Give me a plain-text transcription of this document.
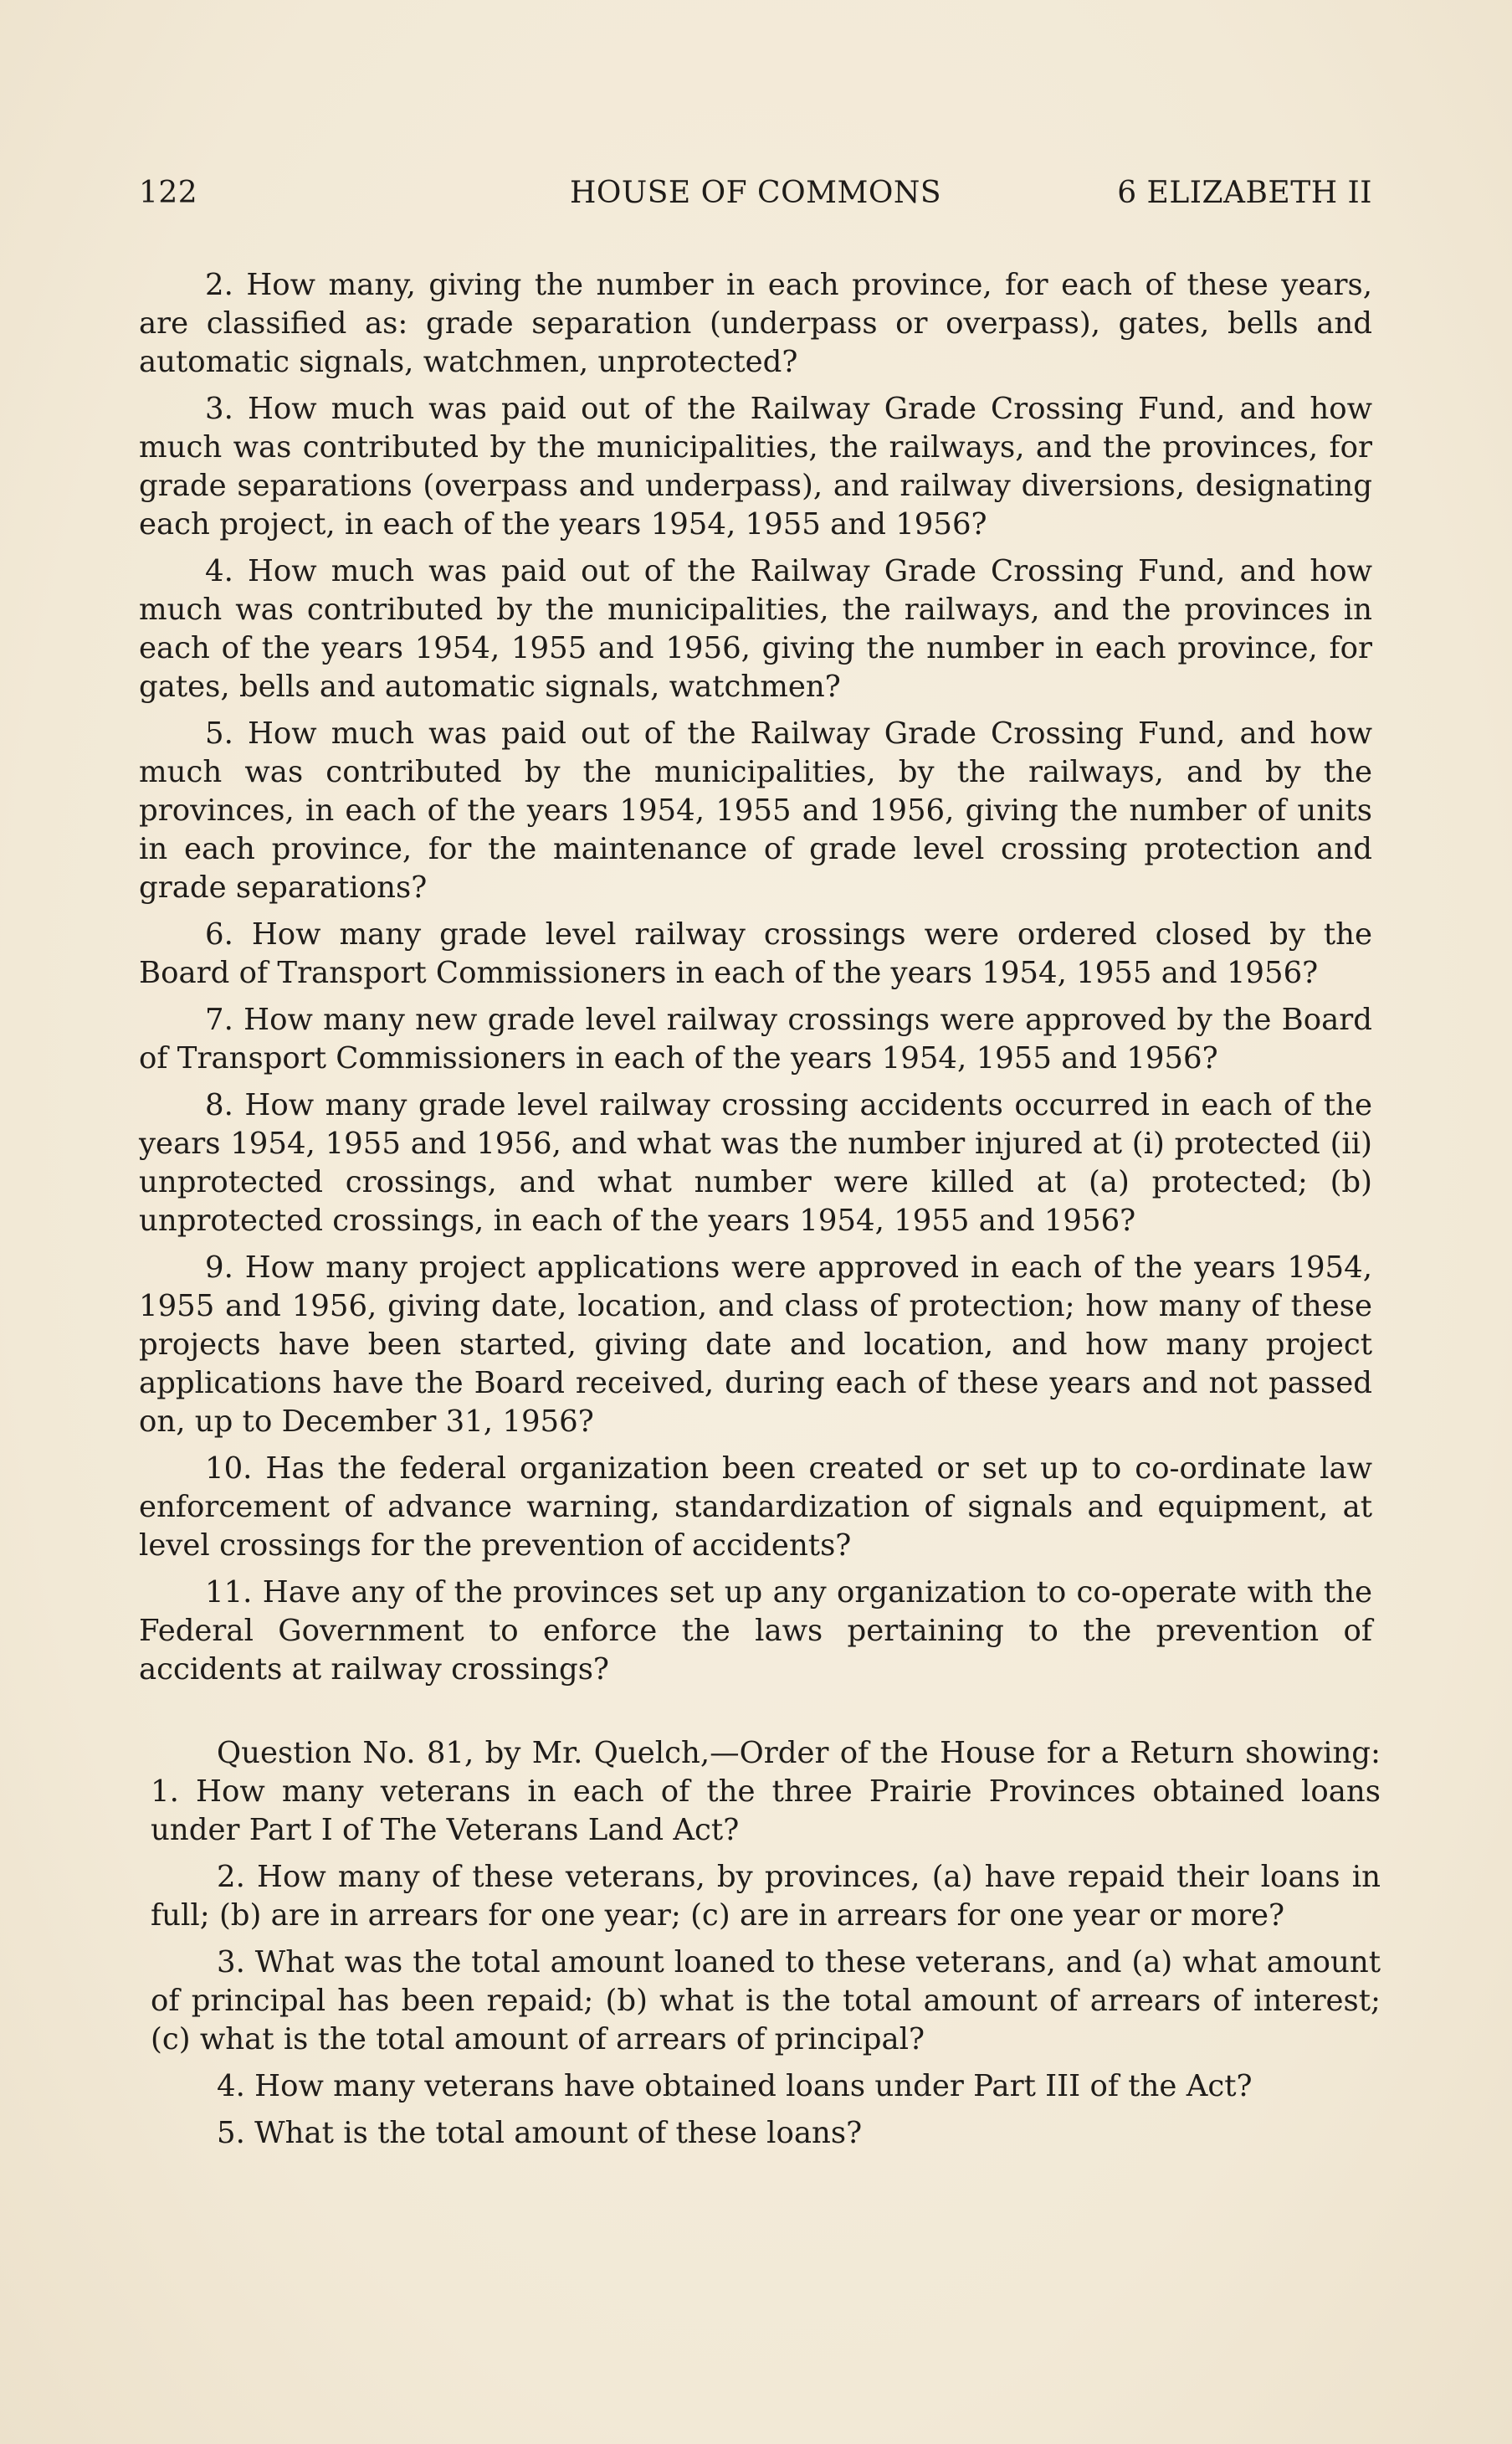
122	HOUSE OF COMMONS	6 ELIZABETH II

2. How many, giving the number in each province, for each of these years, are classified as: grade separation (underpass or overpass), gates, bells and automatic signals, watchmen, unprotected?

3. How much was paid out of the Railway Grade Crossing Fund, and how much was contributed by the municipalities, the railways, and the provinces, for grade separations (overpass and underpass), and railway diversions, designating each project, in each of the years 1954, 1955 and 1956?

4. How much was paid out of the Railway Grade Crossing Fund, and how much was contributed by the municipalities, the railways, and the provinces in each of the years 1954, 1955 and 1956, giving the number in each province, for gates, bells and automatic signals, watchmen?

5. How much was paid out of the Railway Grade Crossing Fund, and how much was contributed by the municipalities, by the railways, and by the provinces, in each of the years 1954, 1955 and 1956, giving the number of units in each province, for the maintenance of grade level crossing protection and grade separations?

6. How many grade level railway crossings were ordered closed by the Board of Transport Commissioners in each of the years 1954, 1955 and 1956?

7. How many new grade level railway crossings were approved by the Board of Transport Commissioners in each of the years 1954, 1955 and 1956?

8. How many grade level railway crossing accidents occurred in each of the years 1954, 1955 and 1956, and what was the number injured at (i) protected (ii) unprotected crossings, and what number were killed at (a) protected; (b) unprotected crossings, in each of the years 1954, 1955 and 1956?

9. How many project applications were approved in each of the years 1954, 1955 and 1956, giving date, location, and class of protection; how many of these projects have been started, giving date and location, and how many project applications have the Board received, during each of these years and not passed on, up to December 31, 1956?

10. Has the federal organization been created or set up to co-ordinate law enforcement of advance warning, standardization of signals and equipment, at level crossings for the prevention of accidents?

11. Have any of the provinces set up any organization to co-operate with the Federal Government to enforce the laws pertaining to the prevention of accidents at railway crossings?

Question No. 81, by Mr. Quelch,—Order of the House for a Return showing: 1. How many veterans in each of the three Prairie Provinces obtained loans under Part I of The Veterans Land Act?

2. How many of these veterans, by provinces, (a) have repaid their loans in full; (b) are in arrears for one year; (c) are in arrears for one year or more?

3. What was the total amount loaned to these veterans, and (a) what amount of principal has been repaid; (b) what is the total amount of arrears of interest; (c) what is the total amount of arrears of principal?

4. How many veterans have obtained loans under Part III of the Act?

5. What is the total amount of these loans?
